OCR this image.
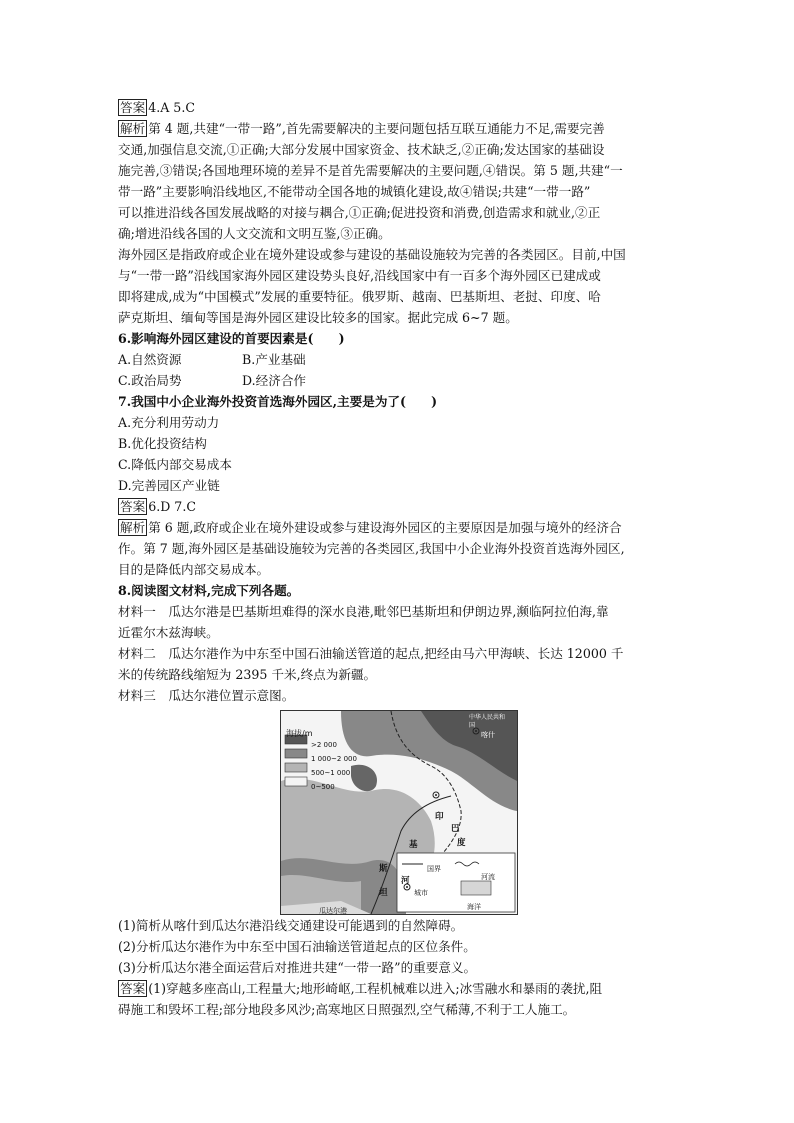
答案 4.A 5.C
解析 第 4 题,共建“一带一路”,首先需要解决的主要问题包括互联互通能力不足,需要完善
交通,加强信息交流,①正确;大部分发展中国家资金、技术缺乏,②正确;发达国家的基础设
施完善,③错误;各国地理环境的差异不是首先需要解决的主要问题,④错误。第 5 题,共建“一
带一路”主要影响沿线地区,不能带动全国各地的城镇化建设,故④错误;共建“一带一路”
可以推进沿线各国发展战略的对接与耦合,①正确;促进投资和消费,创造需求和就业,②正
确;增进沿线各国的人文交流和文明互鉴,③正确。
海外园区是指政府或企业在境外建设或参与建设的基础设施较为完善的各类园区。目前,中国
与“一带一路”沿线国家海外园区建设势头良好,沿线国家中有一百多个海外园区已建成或
即将建成,成为“中国模式”发展的重要特征。俄罗斯、越南、巴基斯坦、老挝、印度、哈
萨克斯坦、缅甸等国是海外园区建设比较多的国家。据此完成 6~7 题。
6.影响海外园区建设的首要因素是(　　)
A.自然资源	B.产业基础
C.政治局势	D.经济合作
7.我国中小企业海外投资首选海外园区,主要是为了(　　)
A.充分利用劳动力
B.优化投资结构
C.降低内部交易成本
D.完善园区产业链
答案 6.D 7.C
解析 第 6 题,政府或企业在境外建设或参与建设海外园区的主要原因是加强与境外的经济合
作。第 7 题,海外园区是基础设施较为完善的各类园区,我国中小企业海外投资首选海外园区,
目的是降低内部交易成本。
8.阅读图文材料,完成下列各题。
材料一　瓜达尔港是巴基斯坦难得的深水良港,毗邻巴基斯坦和伊朗边界,濒临阿拉伯海,靠
近霍尔木兹海峡。
材料二　瓜达尔港作为中东至中国石油输送管道的起点,把经由马六甲海峡、长达 12000 千
米的传统路线缩短为 2395 千米,终点为新疆。
材料三　瓜达尔港位置示意图。
海拔/m
>2 000
1 000~2 000
500~1 000
0~500
中华人民共和国
喀什
印
巴
度
基
斯
河
坦
瓜达尔港
国界
河流
城市
海洋
(1)简析从喀什到瓜达尔港沿线交通建设可能遇到的自然障碍。
(2)分析瓜达尔港作为中东至中国石油输送管道起点的区位条件。
(3)分析瓜达尔港全面运营后对推进共建“一带一路”的重要意义。
答案 (1)穿越多座高山,工程量大;地形崎岖,工程机械难以进入;冰雪融水和暴雨的袭扰,阻
碍施工和毁坏工程;部分地段多风沙;高寒地区日照强烈,空气稀薄,不利于工人施工。
